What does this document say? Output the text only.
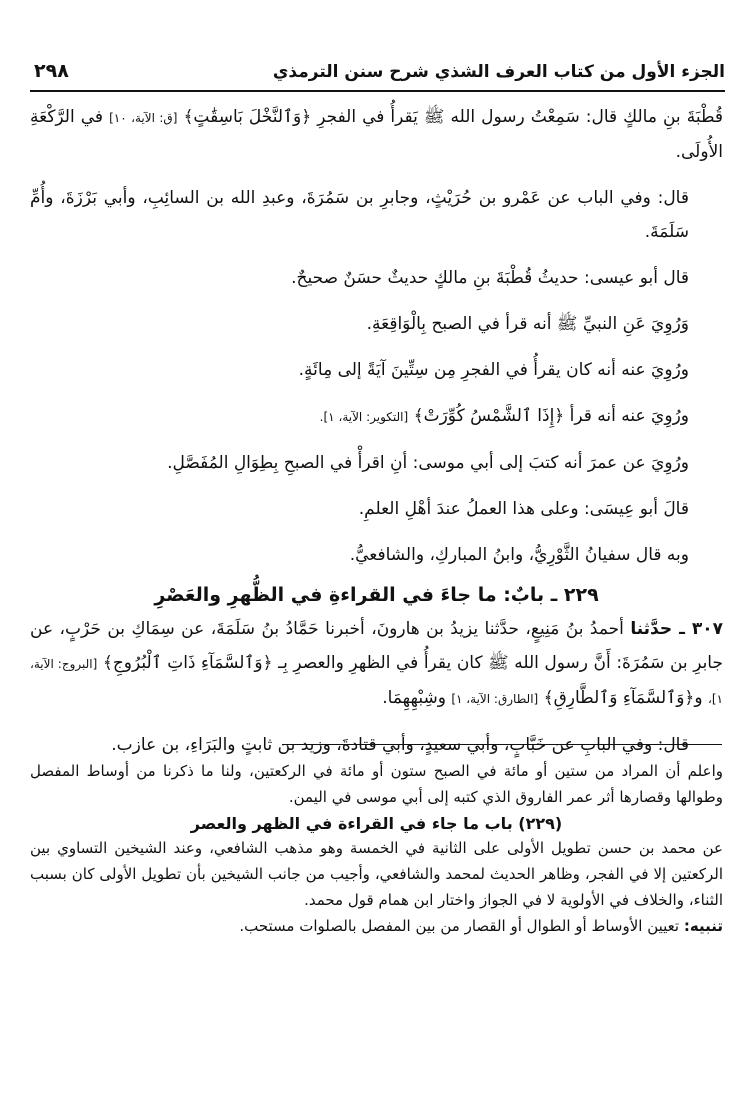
الجزء الأول من كتاب العرف الشذي شرح سنن الترمذي
٢٩٨

قُطْبَةَ بنِ مالكٍ قال: سَمِعْتُ رسول الله ﷺ يَقرأُ في الفجرِ ﴿وَٱلنَّخْلَ بَاسِقَٰتٍ﴾ [ق: الآية، ١٠] في الرَّكْعَةِ الأُولَى.

قال: وفي الباب عن عَمْرو بن حُرَيْثٍ، وجابرِ بن سَمُرَةَ، وعبدِ الله بن السائِبِ، وأبي بَرْزَةَ، وأُمِّ سَلَمَةَ.

قال أبو عيسى: حديثُ قُطْبَةَ بنِ مالكٍ حديثٌ حسَنٌ صحيحٌ.

وَرُوِيَ عَنِ النبيِّ ﷺ أنه قرأ في الصبح بِالْوَاقِعَةِ.

ورُوِيَ عنه أنه كان يقرأُ في الفجرِ مِن سِتِّينَ آيَةً إلى مِائَةٍ.

ورُوِيَ عنه أنه قرأ ﴿إِذَا ٱلشَّمْسُ كُوِّرَتْ﴾ [التكوير: الآية، ١].

ورُوِيَ عن عمرَ أنه كتبَ إلى أبي موسى: أنِ اقرأْ في الصبحِ بِطِوَالِ المُفَصَّلِ.

قالَ أبو عِيسَى: وعلى هذا العملُ عندَ أهْلِ العلمِ.

وبه قال سفيانُ الثَّوْرِيُّ، وابنُ المباركِ، والشافعيُّ.

٢٢٩ ـ بابٌ: ما جاءَ في القراءةِ في الظُّهرِ والعَصْرِ

٣٠٧ ـ حدَّثنا أحمدُ بنُ مَنِيعٍ، حدَّثنا يزيدُ بن هارونَ، أخبرنا حَمَّادُ بنُ سَلَمَةَ، عن سِمَاكِ بن حَرْبٍ، عن جابرِ بن سَمُرَةَ: أَنَّ رسول الله ﷺ كان يقرأُ في الظهرِ والعصرِ بِـ ﴿وَٱلسَّمَآءِ ذَاتِ ٱلْبُرُوجِ﴾ [البروج: الآية، ١]، و﴿وَٱلسَّمَآءِ وَٱلطَّارِقِ﴾ [الطارق: الآية، ١] وشِبْهِهِمَا.

قال: وفي البابِ عن خَبَّابٍ، وأبي سعيدٍ، وأبي قتادةَ، وزيد بن ثابتٍ والبَرَاءِ، بن عازب.

واعلم أن المراد من ستين أو مائة في الصبح ستون أو مائة في الركعتين، ولنا ما ذكرنا من أوساط المفصل وطوالها وقصارها أثر عمر الفاروق الذي كتبه إلى أبي موسى في اليمن.

(٢٢٩) باب ما جاء في القراءة في الظهر والعصر

عن محمد بن حسن تطويل الأولى على الثانية في الخمسة وهو مذهب الشافعي، وعند الشيخين التساوي بين الركعتين إلا في الفجر، وظاهر الحديث لمحمد والشافعي، وأجيب من جانب الشيخين بأن تطويل الأولى كان بسبب الثناء، والخلاف في الأولوية لا في الجواز واختار ابن همام قول محمد.

تنبيه: تعيين الأوساط أو الطوال أو القصار من بين المفصل بالصلوات مستحب.
